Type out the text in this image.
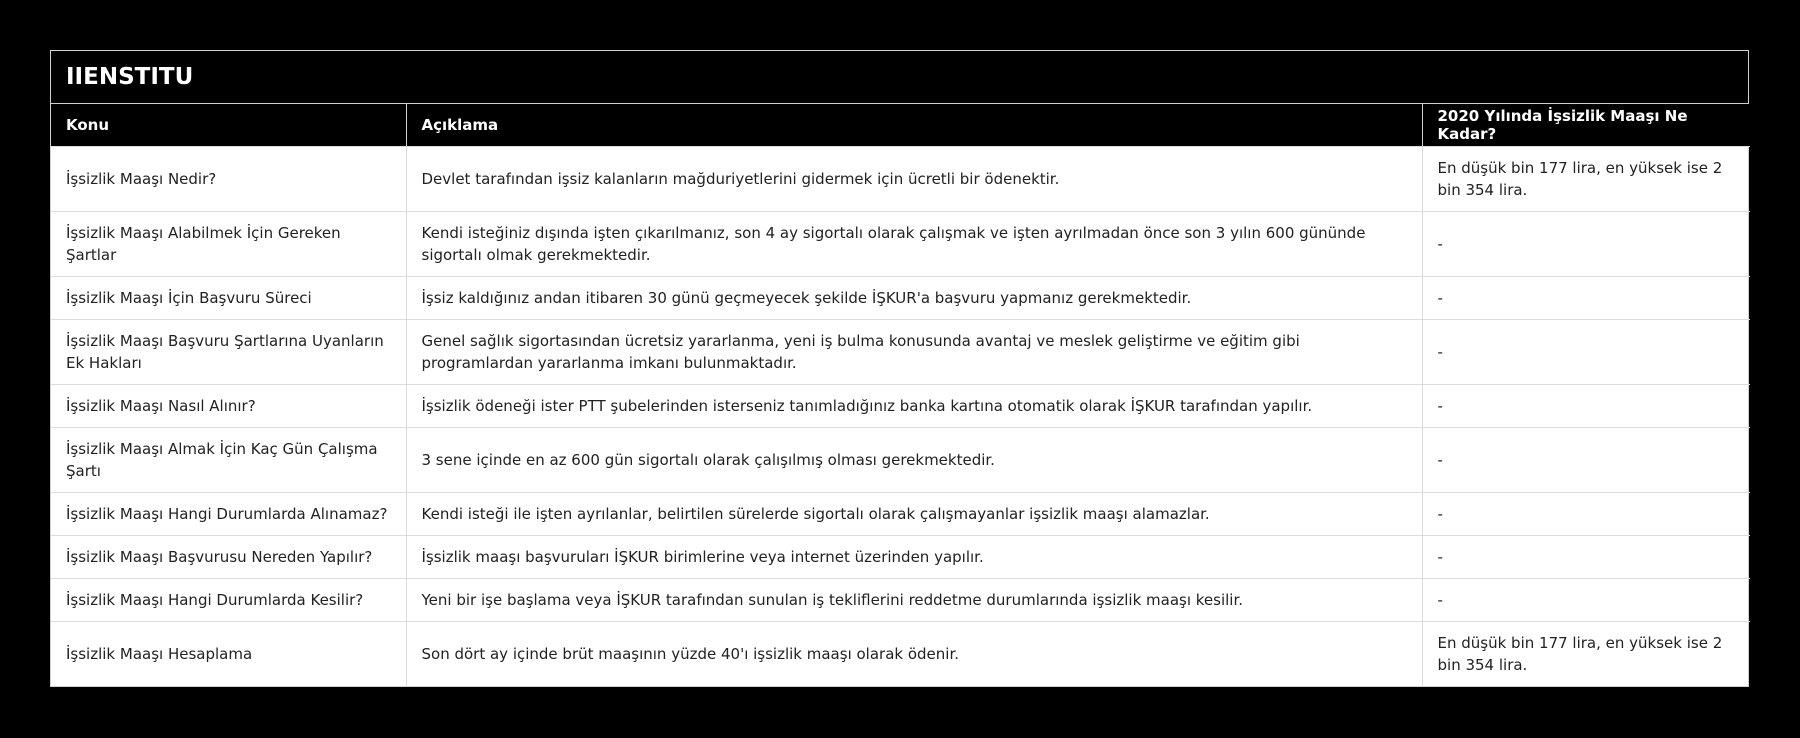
IIENSTITU
Konu	Açıklama	2020 Yılında İşsizlik Maaşı Ne Kadar?
İşsizlik Maaşı Nedir?	Devlet tarafından işsiz kalanların mağduriyetlerini gidermek için ücretli bir ödenektir.	En düşük bin 177 lira, en yüksek ise 2 bin 354 lira.
İşsizlik Maaşı Alabilmek İçin Gereken Şartlar	Kendi isteğiniz dışında işten çıkarılmanız, son 4 ay sigortalı olarak çalışmak ve işten ayrılmadan önce son 3 yılın 600 gününde sigortalı olmak gerekmektedir.	-
İşsizlik Maaşı İçin Başvuru Süreci	İşsiz kaldığınız andan itibaren 30 günü geçmeyecek şekilde İŞKUR'a başvuru yapmanız gerekmektedir.	-
İşsizlik Maaşı Başvuru Şartlarına Uyanların Ek Hakları	Genel sağlık sigortasından ücretsiz yararlanma, yeni iş bulma konusunda avantaj ve meslek geliştirme ve eğitim gibi programlardan yararlanma imkanı bulunmaktadır.	-
İşsizlik Maaşı Nasıl Alınır?	İşsizlik ödeneği ister PTT şubelerinden isterseniz tanımladığınız banka kartına otomatik olarak İŞKUR tarafından yapılır.	-
İşsizlik Maaşı Almak İçin Kaç Gün Çalışma Şartı	3 sene içinde en az 600 gün sigortalı olarak çalışılmış olması gerekmektedir.	-
İşsizlik Maaşı Hangi Durumlarda Alınamaz?	Kendi isteği ile işten ayrılanlar, belirtilen sürelerde sigortalı olarak çalışmayanlar işsizlik maaşı alamazlar.	-
İşsizlik Maaşı Başvurusu Nereden Yapılır?	İşsizlik maaşı başvuruları İŞKUR birimlerine veya internet üzerinden yapılır.	-
İşsizlik Maaşı Hangi Durumlarda Kesilir?	Yeni bir işe başlama veya İŞKUR tarafından sunulan iş tekliflerini reddetme durumlarında işsizlik maaşı kesilir.	-
İşsizlik Maaşı Hesaplama	Son dört ay içinde brüt maaşının yüzde 40'ı işsizlik maaşı olarak ödenir.	En düşük bin 177 lira, en yüksek ise 2 bin 354 lira.
